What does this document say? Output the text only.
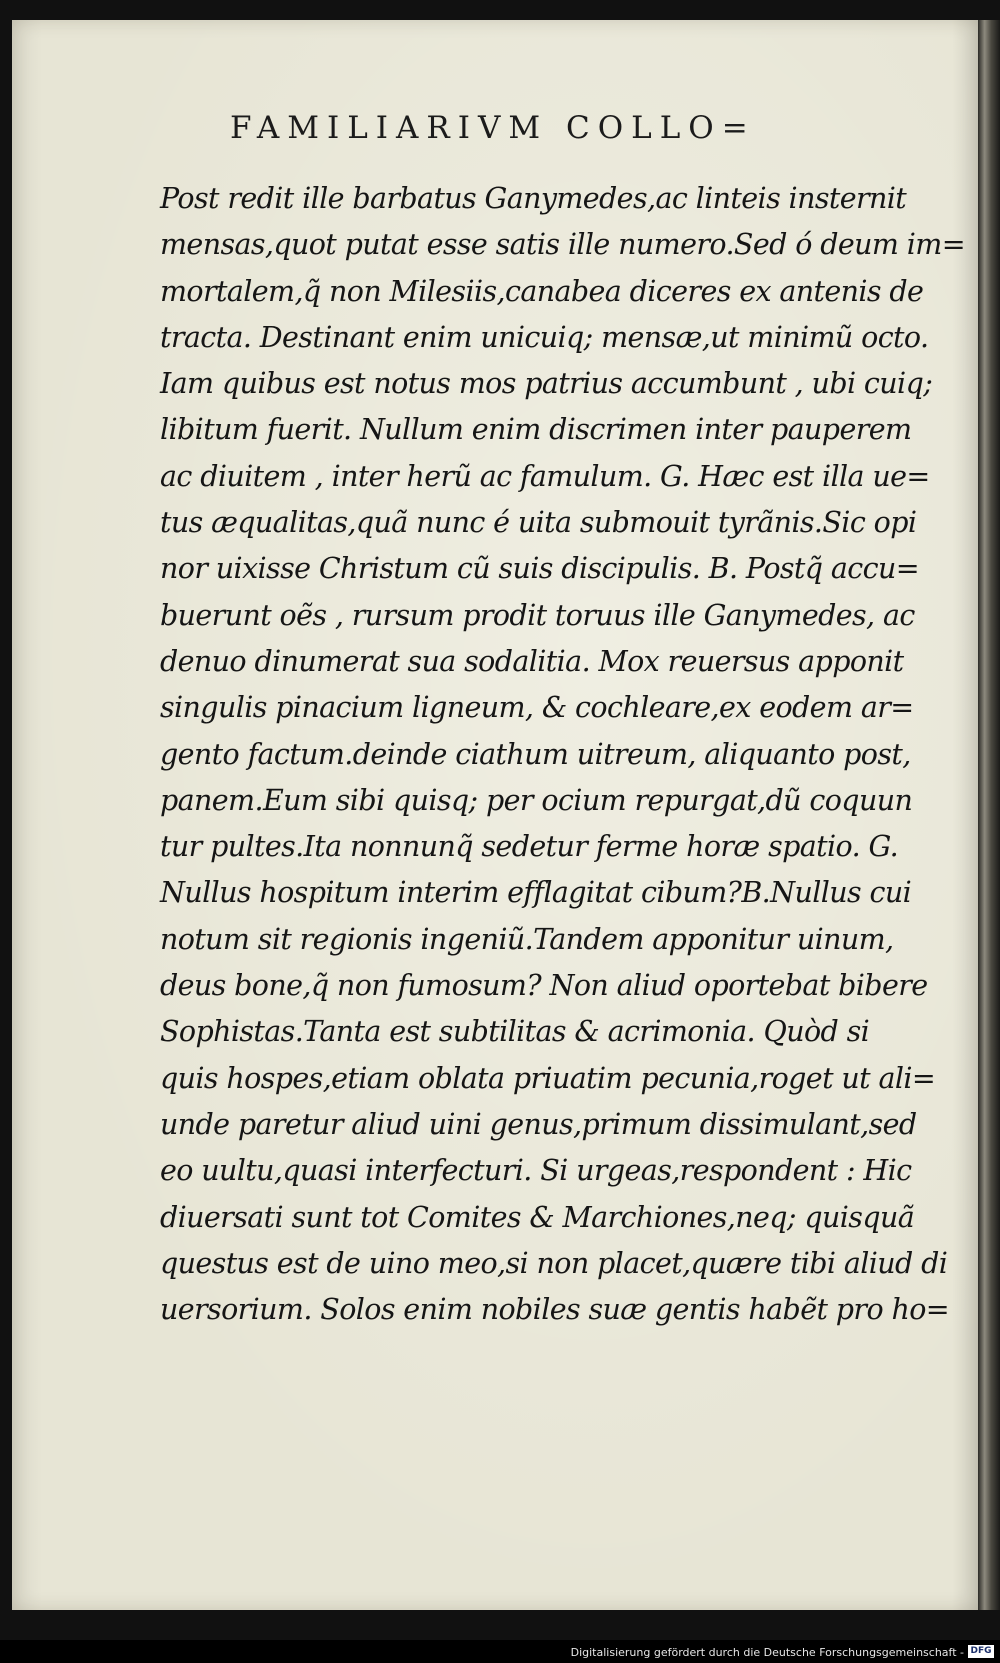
FAMILIARIVM COLLO=
Post redit ille barbatus Ganymedes,ac linteis insternit
mensas,quot putat esse satis ille numero.Sed ó deum im=
mortalem,q̃ non Milesiis,canabea diceres ex antenis de
tracta. Destinant enim unicuiq; mensæ,ut minimũ octo.
Iam quibus est notus mos patrius accumbunt , ubi cuiq;
libitum fuerit. Nullum enim discrimen inter pauperem
ac diuitem , inter herũ ac famulum. G. Hæc est illa ue=
tus æqualitas,quã nunc é uita submouit tyrãnis.Sic opi
nor uixisse Christum cũ suis discipulis. B. Postq̃ accu=
buerunt oẽs , rursum prodit toruus ille Ganymedes, ac
denuo dinumerat sua sodalitia. Mox reuersus apponit
singulis pinacium ligneum, & cochleare,ex eodem ar=
gento factum.deinde ciathum uitreum, aliquanto post,
panem.Eum sibi quisq; per ocium repurgat,dũ coquun
tur pultes.Ita nonnunq̃ sedetur ferme horæ spatio. G.
Nullus hospitum interim efflagitat cibum?B.Nullus cui
notum sit regionis ingeniũ.Tandem apponitur uinum,
deus bone,q̃ non fumosum? Non aliud oportebat bibere
Sophistas.Tanta est subtilitas & acrimonia. Quòd si
quis hospes,etiam oblata priuatim pecunia,roget ut ali=
unde paretur aliud uini genus,primum dissimulant,sed
eo uultu,quasi interfecturi. Si urgeas,respondent : Hic
diuersati sunt tot Comites & Marchiones,neq; quisquã
questus est de uino meo,si non placet,quære tibi aliud di
uersorium. Solos enim nobiles suæ gentis habẽt pro ho=
Digitalisierung gefördert durch die Deutsche Forschungsgemeinschaft - DFG
